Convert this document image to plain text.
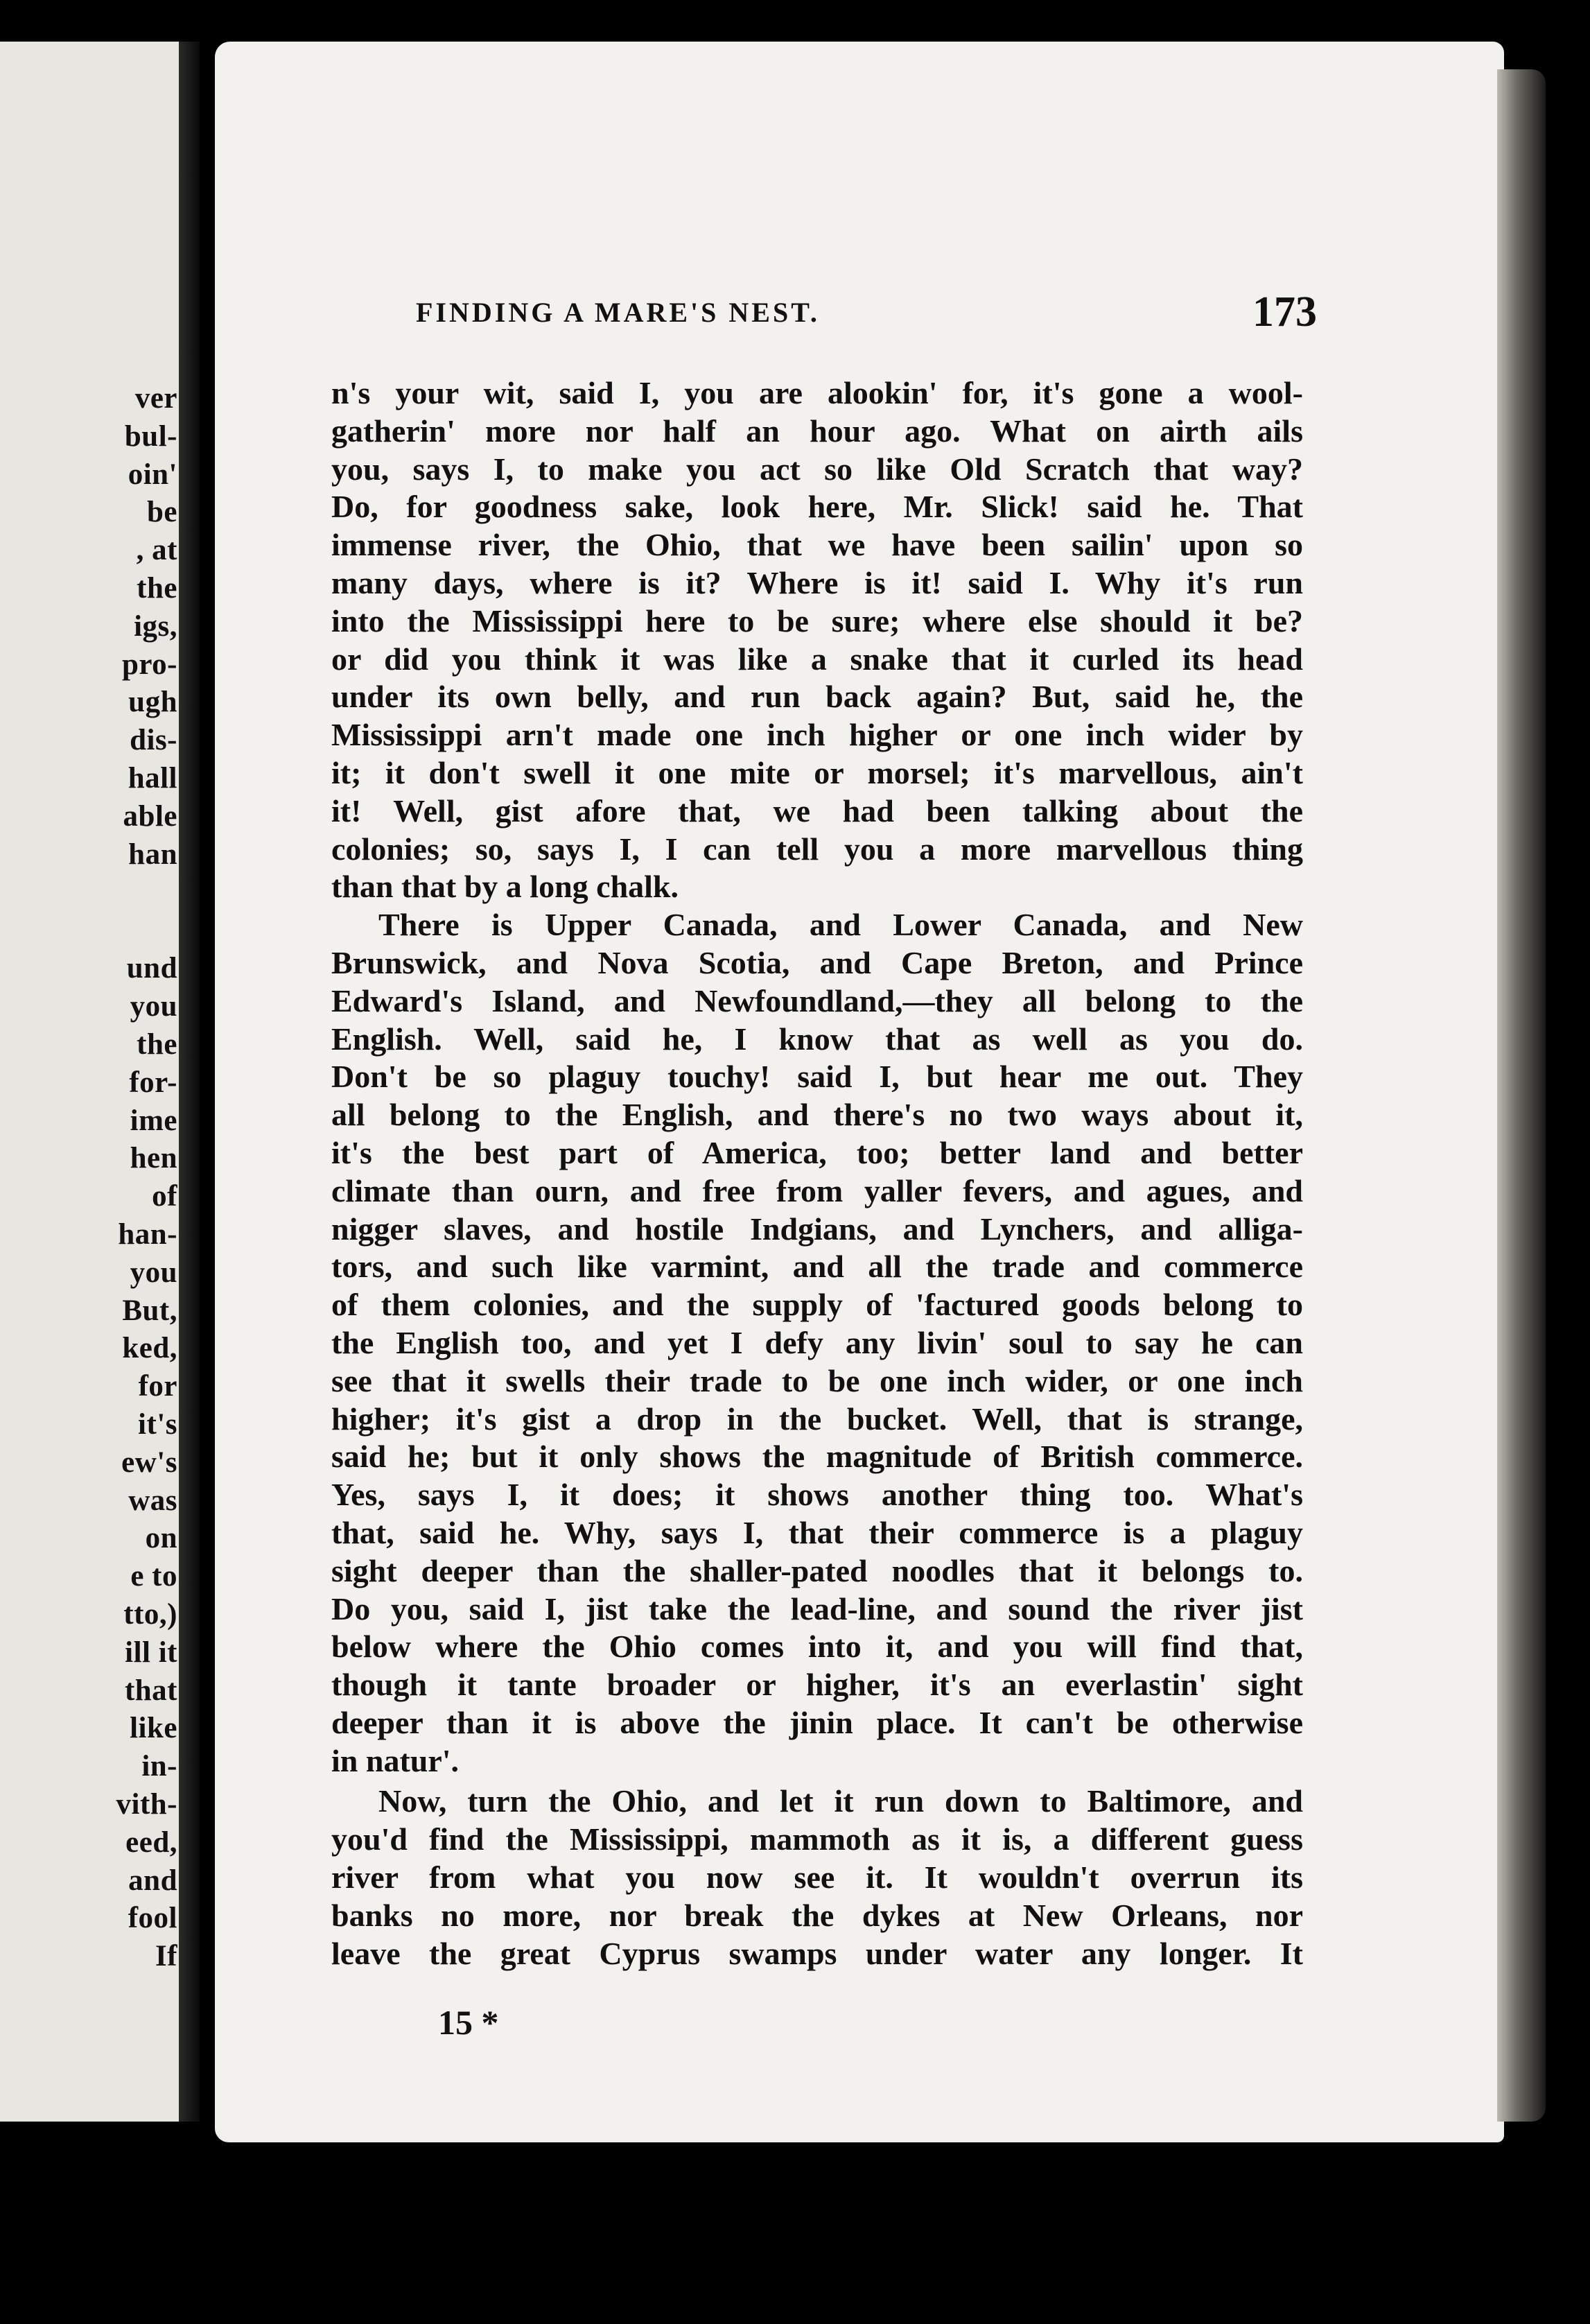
ver
bul-
oin'
be
, at
the
igs,
pro-
ugh
dis-
hall
able
han
und
you
the
for-
ime
hen
of
han-
you
But,
ked,
for
it's
ew's
was
on
e to
tto,)
ill it
that
like
in-
vith-
eed,
and
fool
If
FINDING A MARE'S NEST.	173
n's your wit, said I, you are alookin' for, it's gone a wool-
gatherin' more nor half an hour ago. What on airth ails
you, says I, to make you act so like Old Scratch that way?
Do, for goodness sake, look here, Mr. Slick! said he. That
immense river, the Ohio, that we have been sailin' upon so
many days, where is it? Where is it! said I. Why it's run
into the Mississippi here to be sure; where else should it be?
or did you think it was like a snake that it curled its head
under its own belly, and run back again? But, said he, the
Mississippi arn't made one inch higher or one inch wider by
it; it don't swell it one mite or morsel; it's marvellous, ain't
it! Well, gist afore that, we had been talking about the
colonies; so, says I, I can tell you a more marvellous thing
than that by a long chalk.
There is Upper Canada, and Lower Canada, and New
Brunswick, and Nova Scotia, and Cape Breton, and Prince
Edward's Island, and Newfoundland,—they all belong to the
English. Well, said he, I know that as well as you do.
Don't be so plaguy touchy! said I, but hear me out. They
all belong to the English, and there's no two ways about it,
it's the best part of America, too; better land and better
climate than ourn, and free from yaller fevers, and agues, and
nigger slaves, and hostile Indgians, and Lynchers, and alliga-
tors, and such like varmint, and all the trade and commerce
of them colonies, and the supply of 'factured goods belong to
the English too, and yet I defy any livin' soul to say he can
see that it swells their trade to be one inch wider, or one inch
higher; it's gist a drop in the bucket. Well, that is strange,
said he; but it only shows the magnitude of British commerce.
Yes, says I, it does; it shows another thing too. What's
that, said he. Why, says I, that their commerce is a plaguy
sight deeper than the shaller-pated noodles that it belongs to.
Do you, said I, jist take the lead-line, and sound the river jist
below where the Ohio comes into it, and you will find that,
though it tante broader or higher, it's an everlastin' sight
deeper than it is above the jinin place. It can't be otherwise
in natur'.
Now, turn the Ohio, and let it run down to Baltimore, and
you'd find the Mississippi, mammoth as it is, a different guess
river from what you now see it. It wouldn't overrun its
banks no more, nor break the dykes at New Orleans, nor
leave the great Cyprus swamps under water any longer. It
15 *
